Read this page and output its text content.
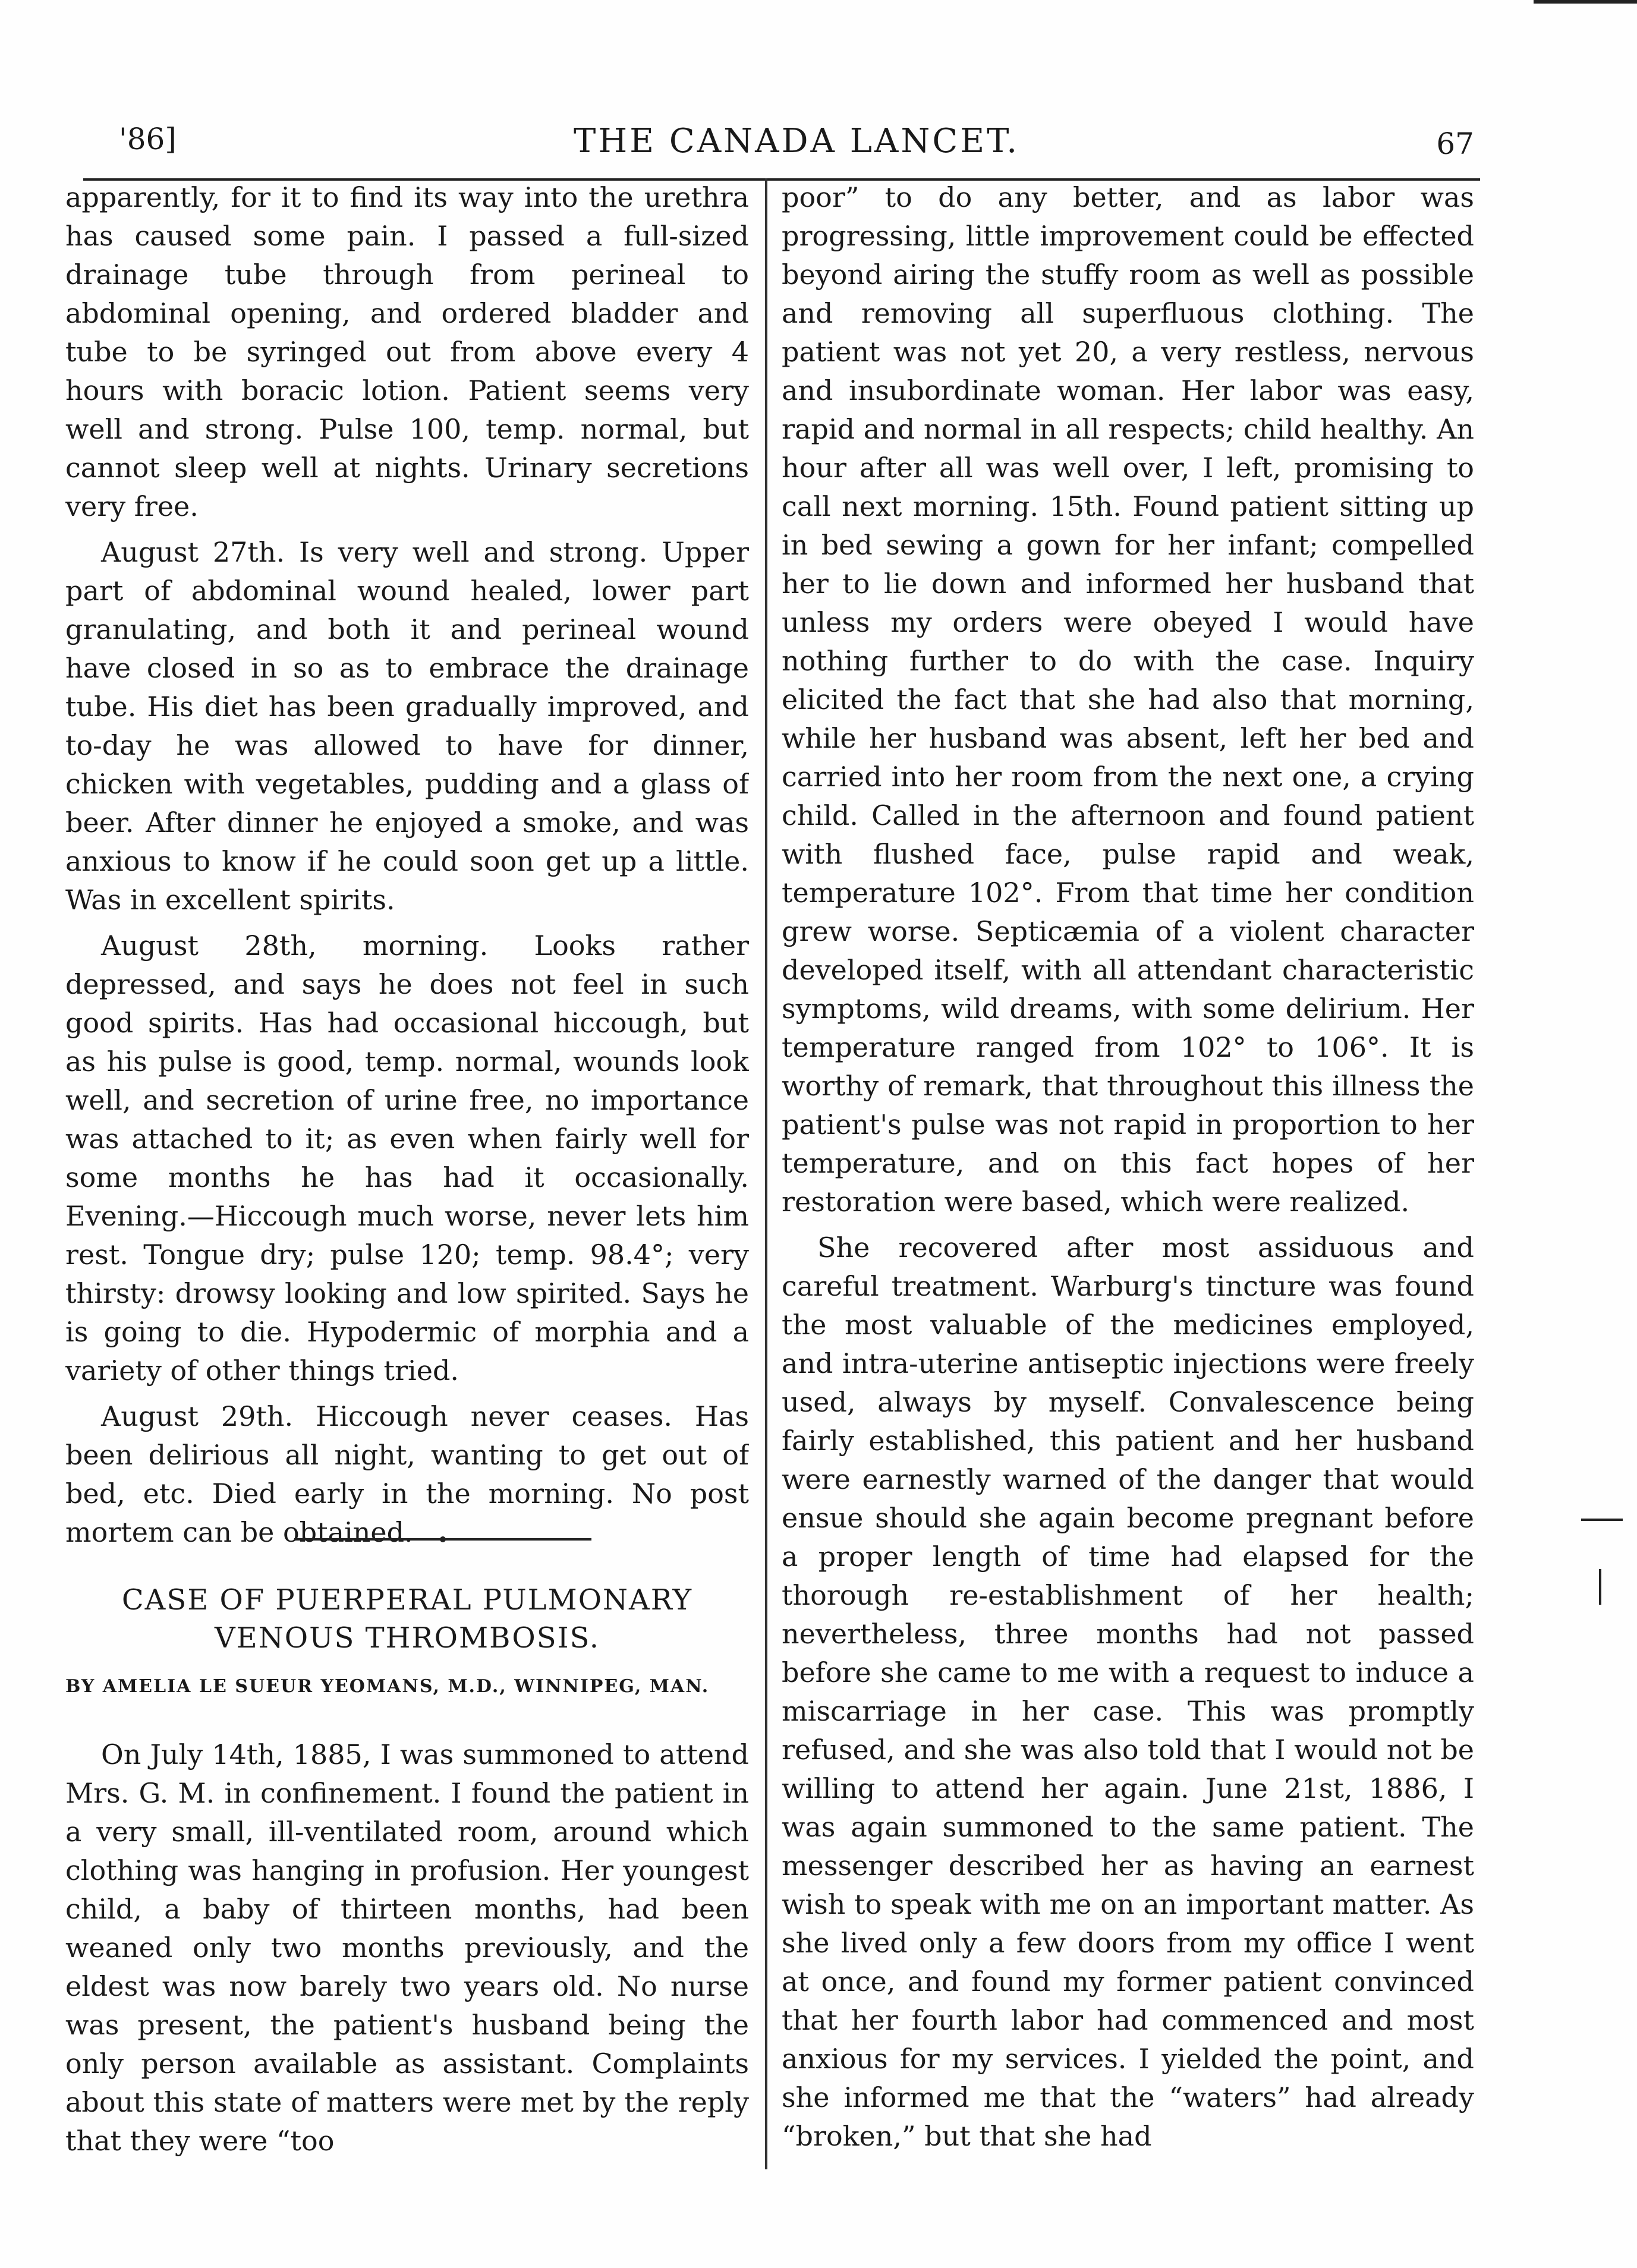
'86]	THE CANADA LANCET.	67

apparently, for it to find its way into the urethra has caused some pain. I passed a full-sized drainage tube through from perineal to abdominal opening, and ordered bladder and tube to be syringed out from above every 4 hours with boracic lotion. Patient seems very well and strong. Pulse 100, temp. normal, but cannot sleep well at nights. Urinary secretions very free.

August 27th. Is very well and strong. Upper part of abdominal wound healed, lower part granulating, and both it and perineal wound have closed in so as to embrace the drainage tube. His diet has been gradually improved, and to-day he was allowed to have for dinner, chicken with vegetables, pudding and a glass of beer. After dinner he enjoyed a smoke, and was anxious to know if he could soon get up a little. Was in excellent spirits.

August 28th, morning. Looks rather depressed, and says he does not feel in such good spirits. Has had occasional hiccough, but as his pulse is good, temp. normal, wounds look well, and secretion of urine free, no importance was attached to it; as even when fairly well for some months he has had it occasionally. Evening.—Hiccough much worse, never lets him rest. Tongue dry; pulse 120; temp. 98.4°; very thirsty: drowsy looking and low spirited. Says he is going to die. Hypodermic of morphia and a variety of other things tried.

August 29th. Hiccough never ceases. Has been delirious all night, wanting to get out of bed, etc. Died early in the morning. No post mortem can be obtained.

CASE OF PUERPERAL PULMONARY
VENOUS THROMBOSIS.
BY AMELIA LE SUEUR YEOMANS, M.D., WINNIPEG, MAN.

On July 14th, 1885, I was summoned to attend Mrs. G. M. in confinement. I found the patient in a very small, ill-ventilated room, around which clothing was hanging in profusion. Her youngest child, a baby of thirteen months, had been weaned only two months previously, and the eldest was now barely two years old. No nurse was present, the patient's husband being the only person available as assistant. Complaints about this state of matters were met by the reply that they were “too

poor” to do any better, and as labor was progressing, little improvement could be effected beyond airing the stuffy room as well as possible and removing all superfluous clothing. The patient was not yet 20, a very restless, nervous and insubordinate woman. Her labor was easy, rapid and normal in all respects; child healthy. An hour after all was well over, I left, promising to call next morning. 15th. Found patient sitting up in bed sewing a gown for her infant; compelled her to lie down and informed her husband that unless my orders were obeyed I would have nothing further to do with the case. Inquiry elicited the fact that she had also that morning, while her husband was absent, left her bed and carried into her room from the next one, a crying child. Called in the afternoon and found patient with flushed face, pulse rapid and weak, temperature 102°. From that time her condition grew worse. Septicæmia of a violent character developed itself, with all attendant characteristic symptoms, wild dreams, with some delirium. Her temperature ranged from 102° to 106°. It is worthy of remark, that throughout this illness the patient's pulse was not rapid in proportion to her temperature, and on this fact hopes of her restoration were based, which were realized.

She recovered after most assiduous and careful treatment. Warburg's tincture was found the most valuable of the medicines employed, and intra-uterine antiseptic injections were freely used, always by myself. Convalescence being fairly established, this patient and her husband were earnestly warned of the danger that would ensue should she again become pregnant before a proper length of time had elapsed for the thorough re-establishment of her health; nevertheless, three months had not passed before she came to me with a request to induce a miscarriage in her case. This was promptly refused, and she was also told that I would not be willing to attend her again. June 21st, 1886, I was again summoned to the same patient. The messenger described her as having an earnest wish to speak with me on an important matter. As she lived only a few doors from my office I went at once, and found my former patient convinced that her fourth labor had commenced and most anxious for my services. I yielded the point, and she informed me that the “waters” had already “broken,” but that she had
